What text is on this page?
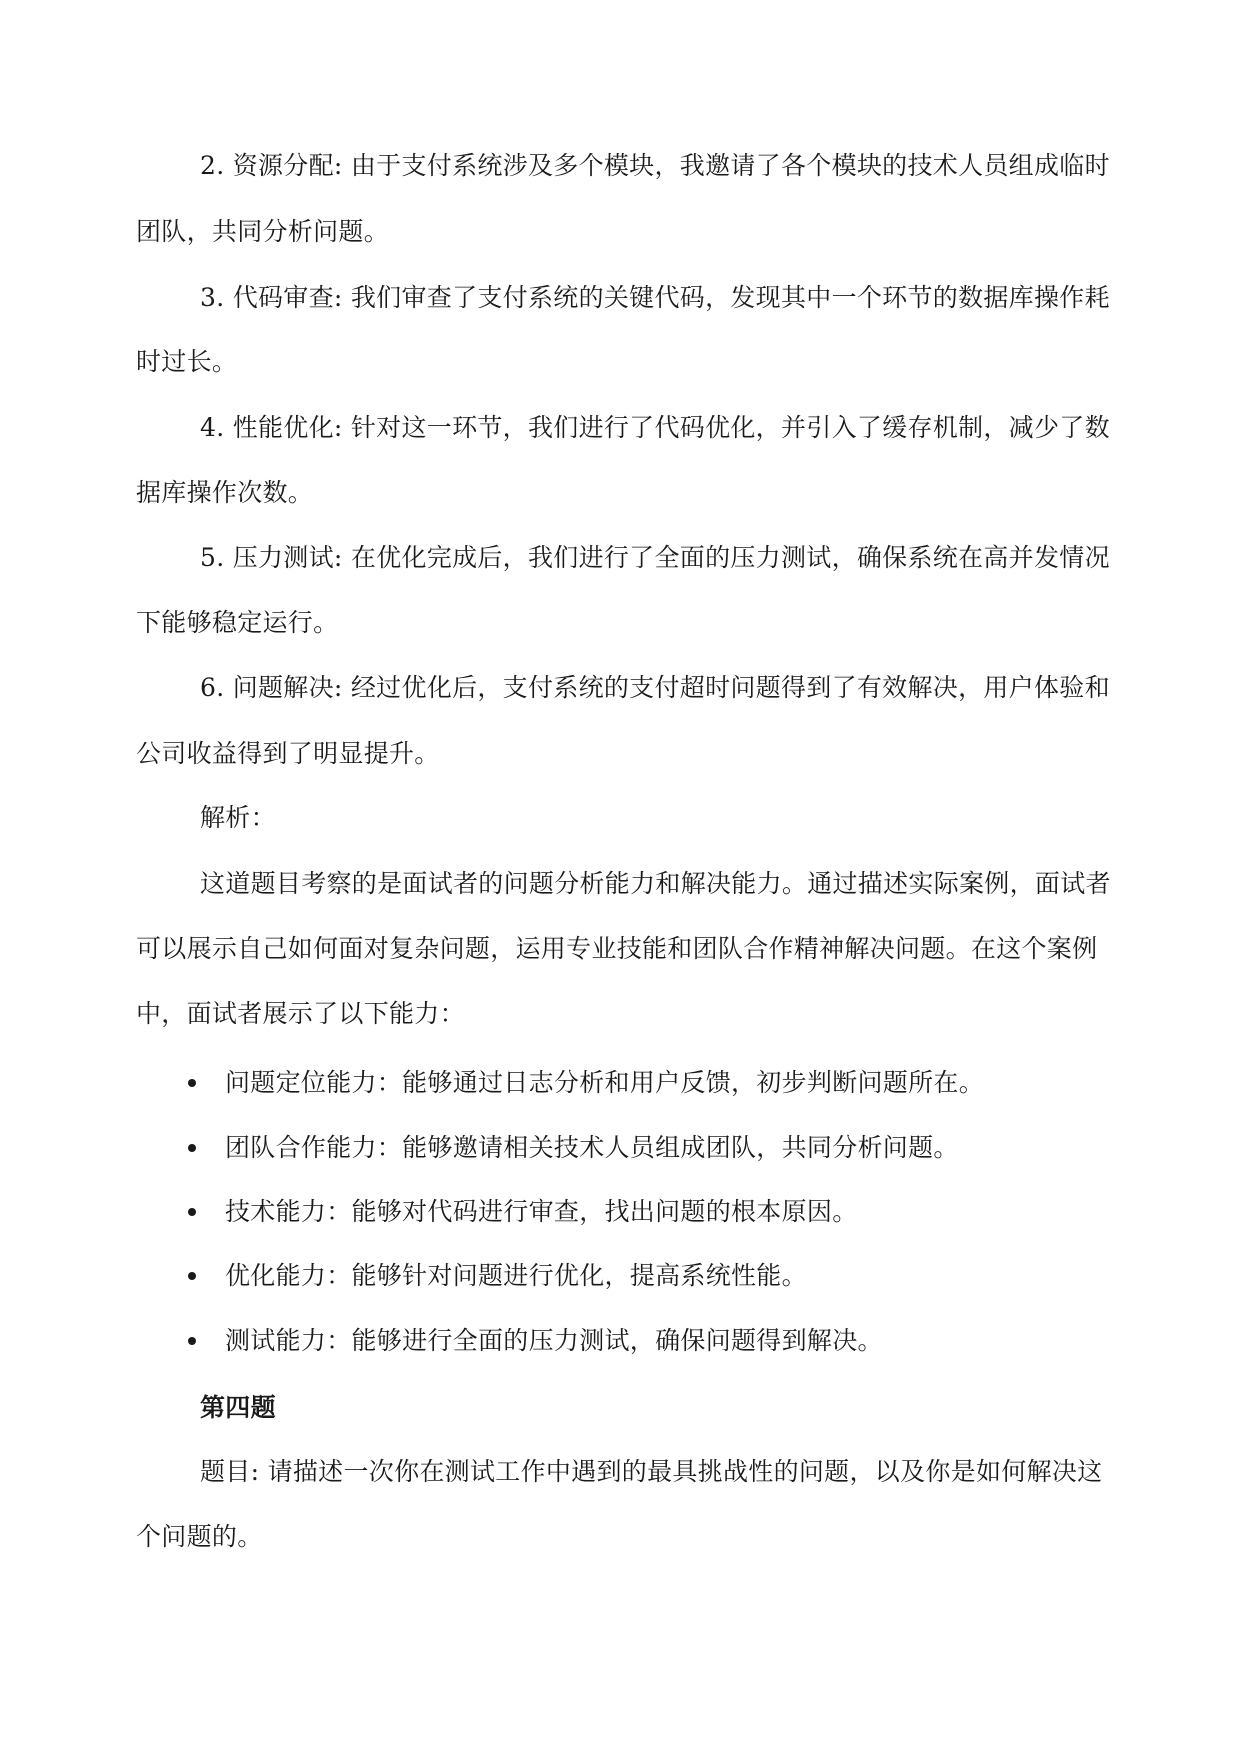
2. 资源分配: 由于支付系统涉及多个模块，我邀请了各个模块的技术人员组成临时
团队，共同分析问题。
3. 代码审查: 我们审查了支付系统的关键代码，发现其中一个环节的数据库操作耗
时过长。
4. 性能优化: 针对这一环节，我们进行了代码优化，并引入了缓存机制，减少了数
据库操作次数。
5. 压力测试: 在优化完成后，我们进行了全面的压力测试，确保系统在高并发情况
下能够稳定运行。
6. 问题解决: 经过优化后，支付系统的支付超时问题得到了有效解决，用户体验和
公司收益得到了明显提升。
解析：
这道题目考察的是面试者的问题分析能力和解决能力。通过描述实际案例，面试者
可以展示自己如何面对复杂问题，运用专业技能和团队合作精神解决问题。在这个案例
中，面试者展示了以下能力：
问题定位能力：能够通过日志分析和用户反馈，初步判断问题所在。
团队合作能力：能够邀请相关技术人员组成团队，共同分析问题。
技术能力：能够对代码进行审查，找出问题的根本原因。
优化能力：能够针对问题进行优化，提高系统性能。
测试能力：能够进行全面的压力测试，确保问题得到解决。
第四题
题目: 请描述一次你在测试工作中遇到的最具挑战性的问题，以及你是如何解决这
个问题的。
